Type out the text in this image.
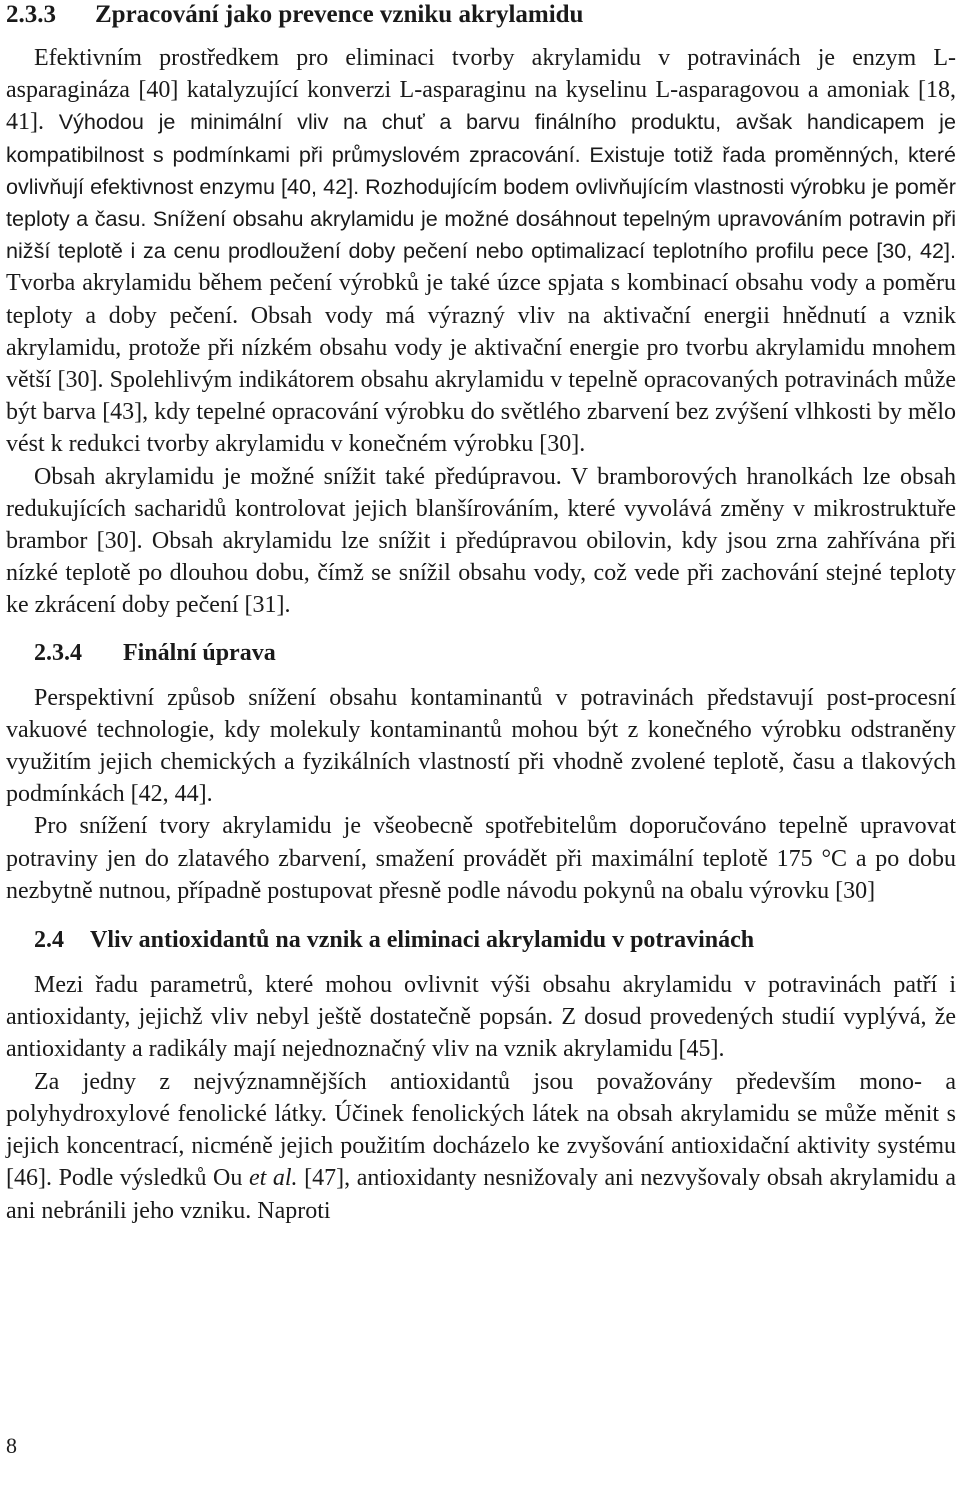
2.3.3	Zpracování jako prevence vzniku akrylamidu

Efektivním prostředkem pro eliminaci tvorby akrylamidu v potravinách je enzym L-asparagináza [40] katalyzující konverzi L-asparaginu na kyselinu L-asparagovou a amoniak [18, 41]. Výhodou je minimální vliv na chuť a barvu finálního produktu, avšak handicapem je kompatibilnost s podmínkami při průmyslovém zpracování. Existuje totiž řada proměnných, které ovlivňují efektivnost enzymu [40, 42]. Rozhodujícím bodem ovlivňujícím vlastnosti výrobku je poměr teploty a času. Snížení obsahu akrylamidu je možné dosáhnout tepelným upravováním potravin při nižší teplotě i za cenu prodloužení doby pečení nebo optimalizací teplotního profilu pece [30, 42]. Tvorba akrylamidu během pečení výrobků je také úzce spjata s kombinací obsahu vody a poměru teploty a doby pečení. Obsah vody má výrazný vliv na aktivační energii hnědnutí a vznik akrylamidu, protože při nízkém obsahu vody je aktivační energie pro tvorbu akrylamidu mnohem větší [30]. Spolehlivým indikátorem obsahu akrylamidu v tepelně opracovaných potravinách může být barva [43], kdy tepelné opracování výrobku do světlého zbarvení bez zvýšení vlhkosti by mělo vést k redukci tvorby akrylamidu v konečném výrobku [30].

Obsah akrylamidu je možné snížit také předúpravou. V bramborových hranolkách lze obsah redukujících sacharidů kontrolovat jejich blanšírováním, které vyvolává změny v mikrostruktuře brambor [30]. Obsah akrylamidu lze snížit i předúpravou obilovin, kdy jsou zrna zahřívána při nízké teplotě po dlouhou dobu, čímž se snížil obsahu vody, což vede při zachování stejné teploty ke zkrácení doby pečení [31].

2.3.4	Finální úprava

Perspektivní způsob snížení obsahu kontaminantů v potravinách představují post-procesní vakuové technologie, kdy molekuly kontaminantů mohou být z konečného výrobku odstraněny využitím jejich chemických a fyzikálních vlastností při vhodně zvolené teplotě, času a tlakových podmínkách [42, 44].

Pro snížení tvory akrylamidu je všeobecně spotřebitelům doporučováno tepelně upravovat potraviny jen do zlatavého zbarvení, smažení provádět při maximální teplotě 175 °C a po dobu nezbytně nutnou, případně postupovat přesně podle návodu pokynů na obalu výrovku [30]

2.4	Vliv antioxidantů na vznik a eliminaci akrylamidu v potravinách

Mezi řadu parametrů, které mohou ovlivnit výši obsahu akrylamidu v potravinách patří i antioxidanty, jejichž vliv nebyl ještě dostatečně popsán. Z dosud provedených studií vyplývá, že antioxidanty a radikály mají nejednoznačný vliv na vznik akrylamidu [45].

Za jedny z nejvýznamnějších antioxidantů jsou považovány především mono- a polyhydroxylové fenolické látky. Účinek fenolických látek na obsah akrylamidu se může měnit s jejich koncentrací, nicméně jejich použitím docházelo ke zvyšování antioxidační aktivity systému [46]. Podle výsledků Ou et al. [47], antioxidanty nesnižovaly ani nezvyšovaly obsah akrylamidu a ani nebránili jeho vzniku. Naproti

8
